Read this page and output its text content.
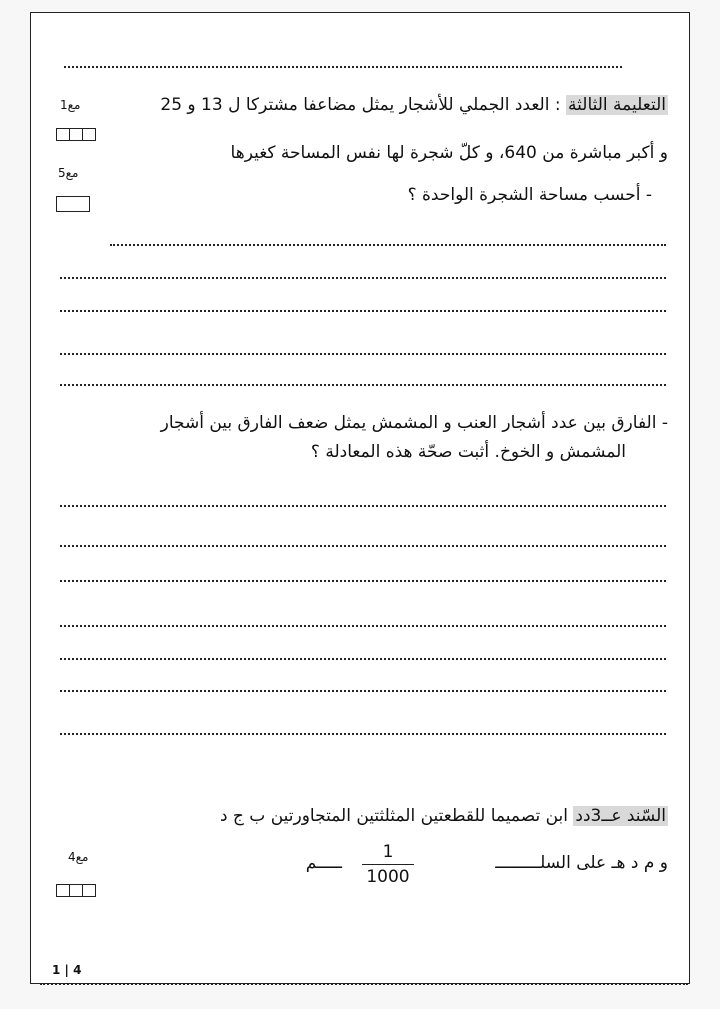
التعليمة الثالثة : العدد الجملي للأشجار يمثل مضاعفا مشتركا ل 13 و 25
و أكبر مباشرة من 640، و كلّ شجرة لها نفس المساحة كغيرها
- أحسب مساحة الشجرة الواحدة ؟
مع1
مع5
- الفارق بين عدد أشجار العنب و المشمش يمثل ضعف الفارق بين أشجار
المشمش و الخوخ. أثبت صحّة هذه المعادلة ؟
السّند عــ3دد ابن تصميما للقطعتين المثلثتين المتجاورتين ب ج د
و م د هـ على السلـــــــــ
1
1000
ـــــم
مع4
1 | 4
